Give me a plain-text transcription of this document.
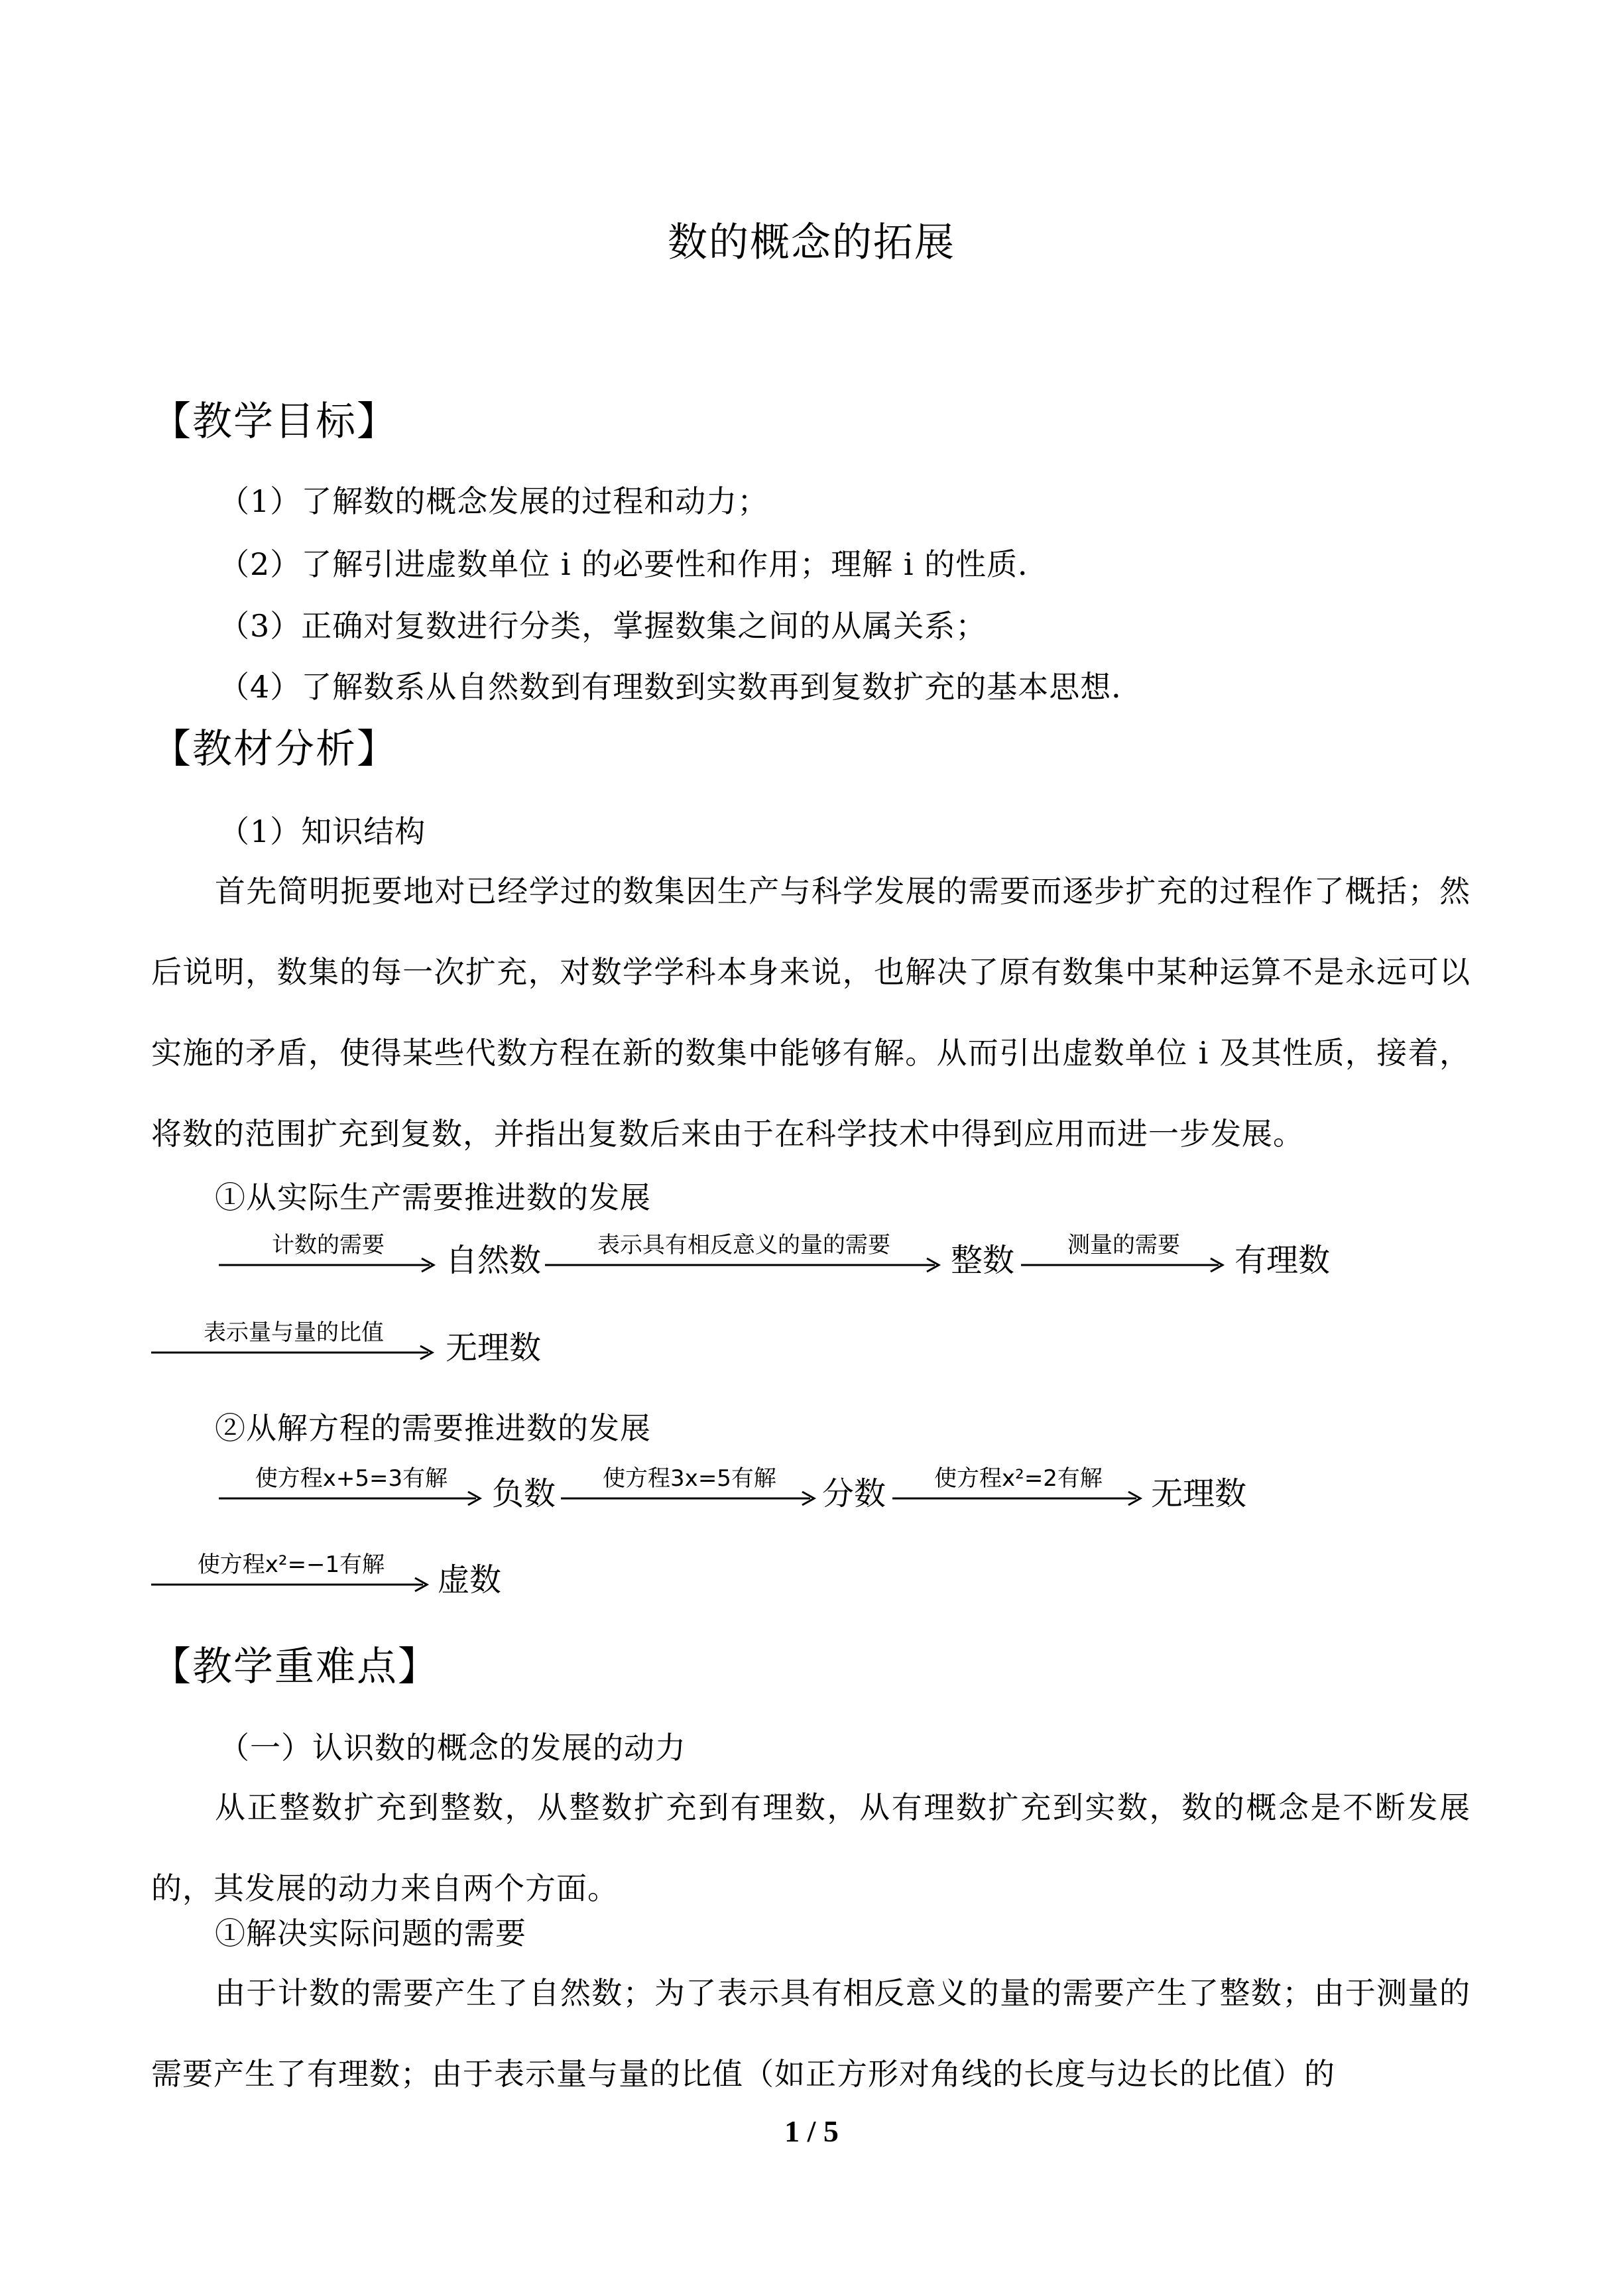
数的概念的拓展
【教学目标】
（1）了解数的概念发展的过程和动力；
（2）了解引进虚数单位 i 的必要性和作用；理解 i 的性质．
（3）正确对复数进行分类，掌握数集之间的从属关系；
（4）了解数系从自然数到有理数到实数再到复数扩充的基本思想．
【教材分析】
（1）知识结构
首先简明扼要地对已经学过的数集因生产与科学发展的需要而逐步扩充的过程作了概括；然后说明，数集的每一次扩充，对数学学科本身来说，也解决了原有数集中某种运算不是永远可以实施的矛盾，使得某些代数方程在新的数集中能够有解。从而引出虚数单位 i 及其性质，接着，将数的范围扩充到复数，并指出复数后来由于在科学技术中得到应用而进一步发展。
①从实际生产需要推进数的发展
计数的需要	自然数	表示具有相反意义的量的需要	整数	测量的需要	有理数
表示量与量的比值	无理数
②从解方程的需要推进数的发展
使方程x+5=3有解	负数	使方程3x=5有解	分数	使方程x²=2有解	无理数
使方程x²=−1有解	虚数
【教学重难点】
（一）认识数的概念的发展的动力
从正整数扩充到整数，从整数扩充到有理数，从有理数扩充到实数，数的概念是不断发展的，其发展的动力来自两个方面。
①解决实际问题的需要
由于计数的需要产生了自然数；为了表示具有相反意义的量的需要产生了整数；由于测量的需要产生了有理数；由于表示量与量的比值（如正方形对角线的长度与边长的比值）的
1 / 5
